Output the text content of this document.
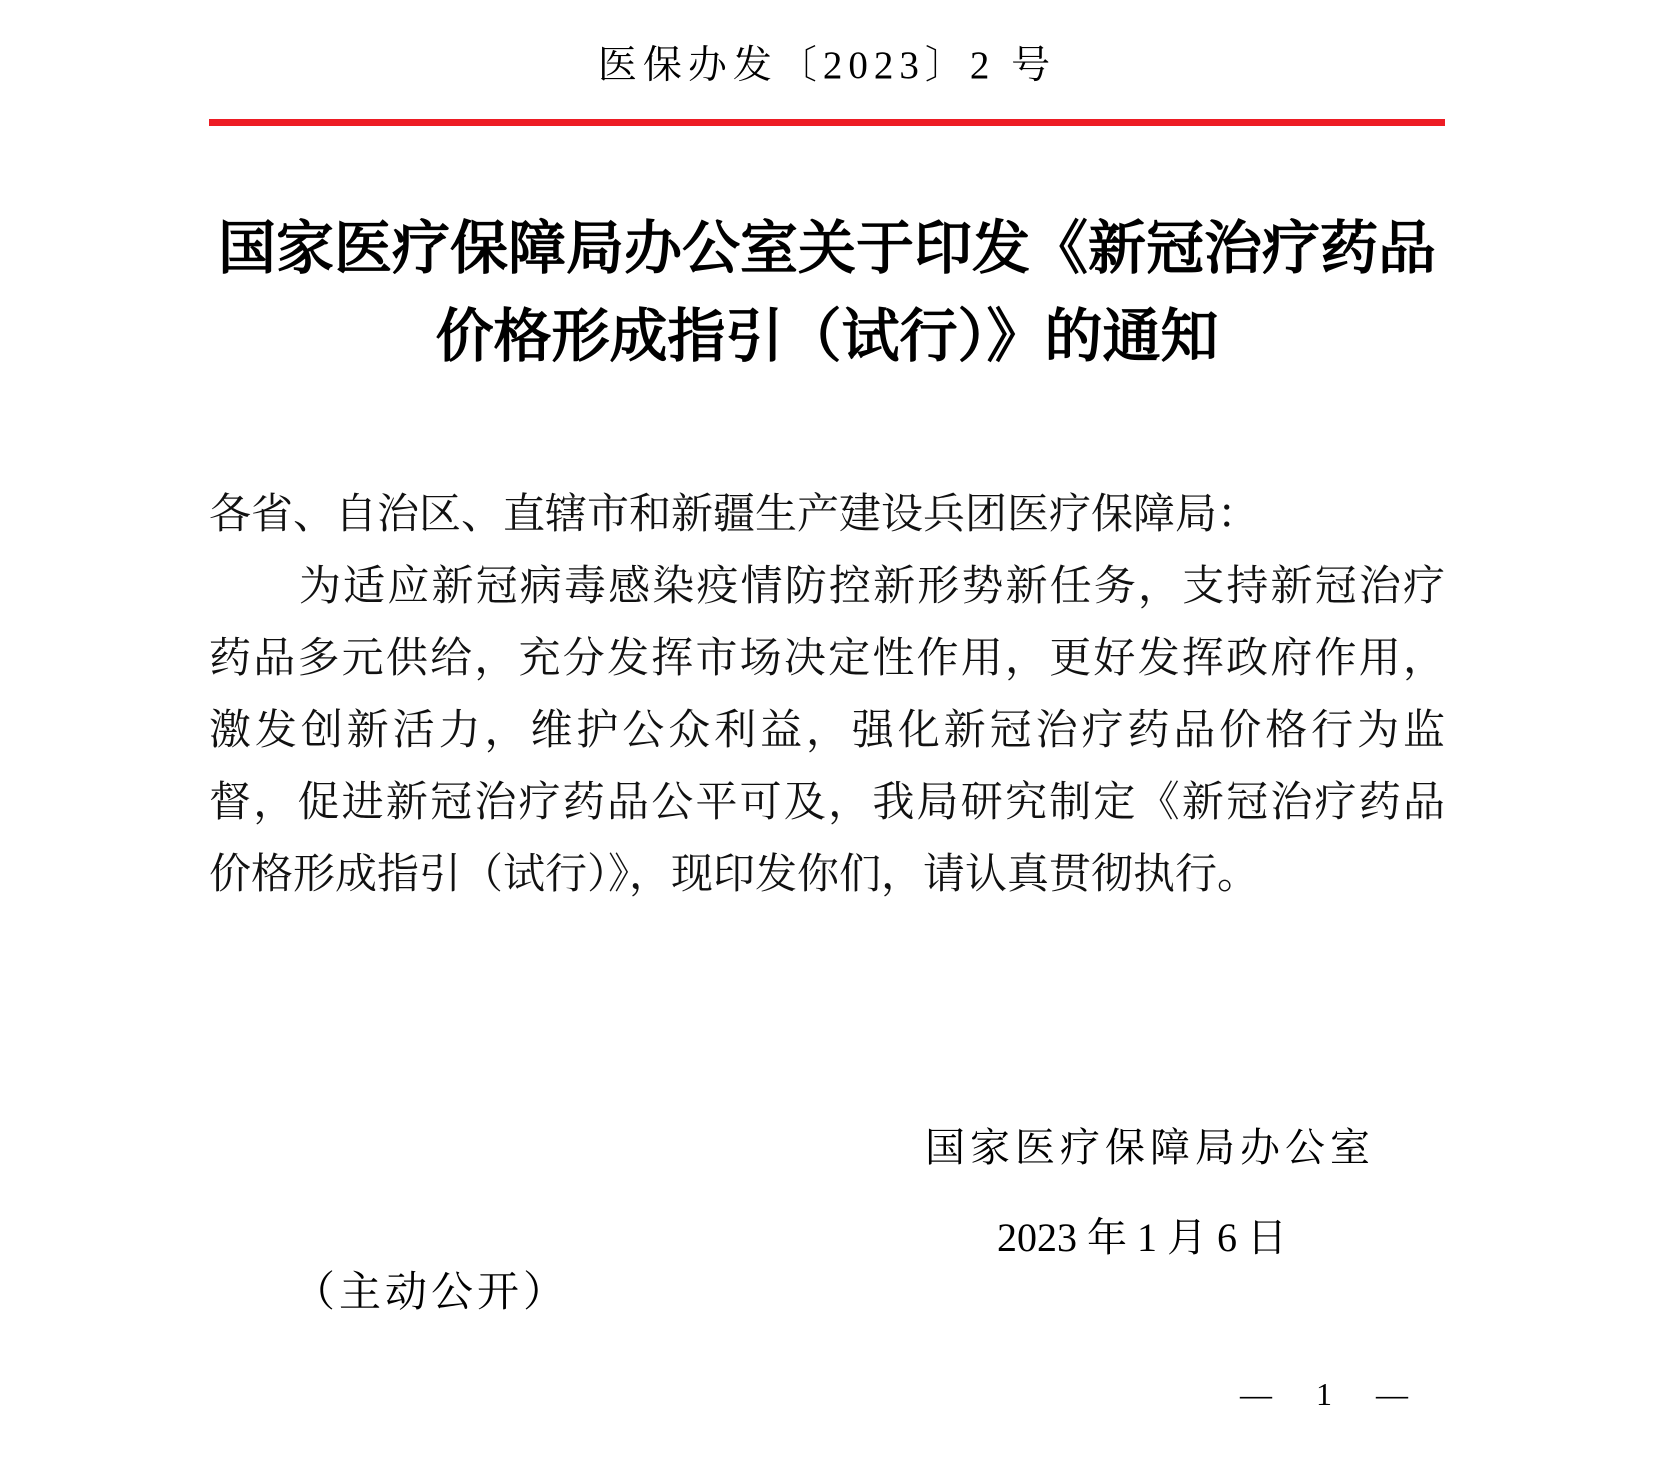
医保办发〔2023〕2 号
国家医疗保障局办公室关于印发《新冠治疗药品
价格形成指引（试行）》的通知
各省、自治区、直辖市和新疆生产建设兵团医疗保障局：
为适应新冠病毒感染疫情防控新形势新任务，支持新冠治疗
药品多元供给，充分发挥市场决定性作用，更好发挥政府作用，
激发创新活力，维护公众利益，强化新冠治疗药品价格行为监
督，促进新冠治疗药品公平可及，我局研究制定《新冠治疗药品
价格形成指引（试行）》，现印发你们，请认真贯彻执行。
国家医疗保障局办公室
2023 年 1 月 6 日
（主动公开）
—  1  —
